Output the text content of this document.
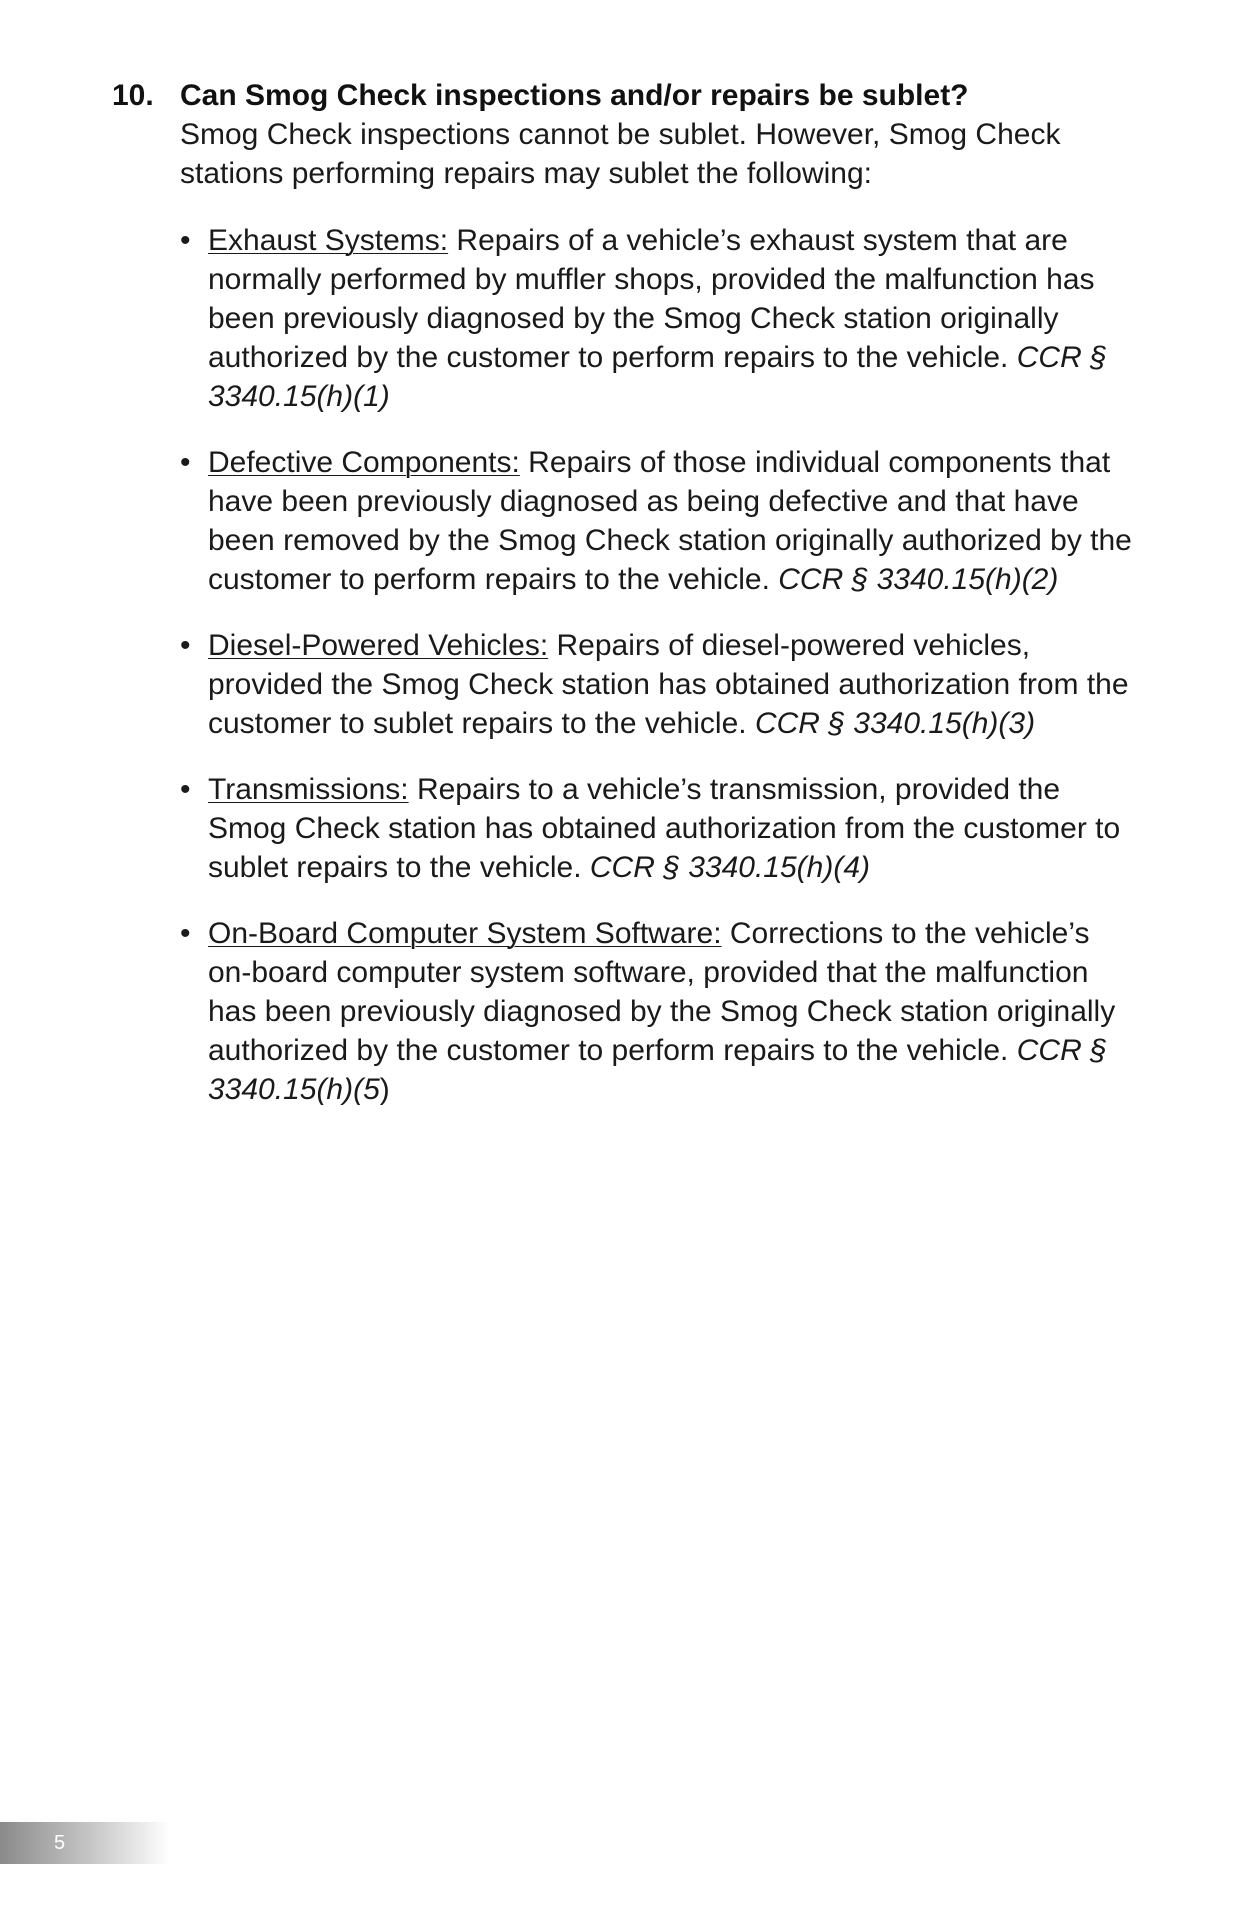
10. Can Smog Check inspections and/or repairs be sublet?
Smog Check inspections cannot be sublet. However, Smog Check stations performing repairs may sublet the following:
• Exhaust Systems: Repairs of a vehicle’s exhaust system that are normally performed by muffler shops, provided the malfunction has been previously diagnosed by the Smog Check station originally authorized by the customer to perform repairs to the vehicle. CCR § 3340.15(h)(1)
• Defective Components: Repairs of those individual components that have been previously diagnosed as being defective and that have been removed by the Smog Check station originally authorized by the customer to perform repairs to the vehicle. CCR § 3340.15(h)(2)
• Diesel-Powered Vehicles: Repairs of diesel-powered vehicles, provided the Smog Check station has obtained authorization from the customer to sublet repairs to the vehicle. CCR § 3340.15(h)(3)
• Transmissions: Repairs to a vehicle’s transmission, provided the Smog Check station has obtained authorization from the customer to sublet repairs to the vehicle. CCR § 3340.15(h)(4)
• On-Board Computer System Software: Corrections to the vehicle’s on-board computer system software, provided that the malfunction has been previously diagnosed by the Smog Check station originally authorized by the customer to perform repairs to the vehicle. CCR § 3340.15(h)(5)
5
